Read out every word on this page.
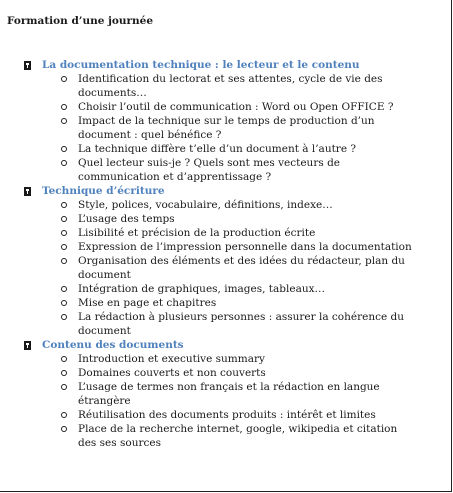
Formation d’une journée
La documentation technique : le lecteur et le contenu
Identification du lectorat et ses attentes, cycle de vie des documents…
Choisir l’outil de communication : Word ou Open OFFICE ?
Impact de la technique sur le temps de production d’un document : quel bénéfice ?
La technique diffère t’elle d’un document à l’autre ?
Quel lecteur suis-je ? Quels sont mes vecteurs de communication et d’apprentissage ?
Technique d’écriture
Style, polices, vocabulaire, définitions, indexe…
L’usage des temps
Lisibilité et précision de la production écrite
Expression de l’impression personnelle dans la documentation
Organisation des éléments et des idées du rédacteur, plan du document
Intégration de graphiques, images, tableaux…
Mise en page et chapitres
La rédaction à plusieurs personnes : assurer la cohérence du document
Contenu des documents
Introduction et executive summary
Domaines couverts et non couverts
L’usage de termes non français et la rédaction en langue étrangère
Réutilisation des documents produits : intérêt et limites
Place de la recherche internet, google, wikipedia et citation des ses sources
